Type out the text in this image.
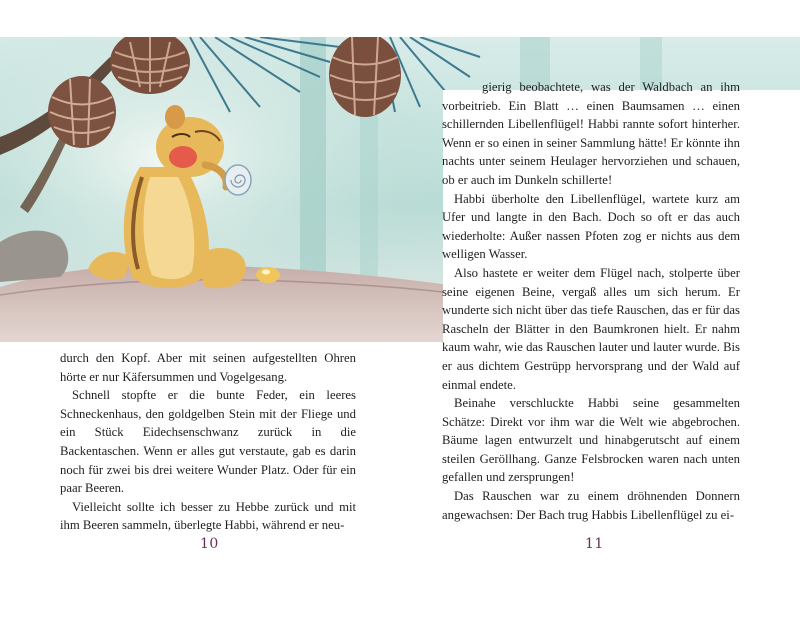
durch den Kopf. Aber mit seinen aufgestellten Ohren hörte er nur Käfersummen und Vogelgesang.

Schnell stopfte er die bunte Feder, ein leeres Schneckenhaus, den goldgelben Stein mit der Fliege und ein Stück Eidechsenschwanz zurück in die Backentaschen. Wenn er alles gut verstaute, gab es darin noch für zwei bis drei weitere Wunder Platz. Oder für ein paar Beeren.

Vielleicht sollte ich besser zu Hebbe zurück und mit ihm Beeren sammeln, überlegte Habbi, während er neu-

gierig beobachtete, was der Waldbach an ihm vorbeitrieb. Ein Blatt … einen Baumsamen … einen schillernden Libellenflügel! Habbi rannte sofort hinterher. Wenn er so einen in seiner Sammlung hätte! Er könnte ihn nachts unter seinem Heulager hervorziehen und schauen, ob er auch im Dunkeln schillerte!

Habbi überholte den Libellenflügel, wartete kurz am Ufer und langte in den Bach. Doch so oft er das auch wiederholte: Außer nassen Pfoten zog er nichts aus dem welligen Wasser.

Also hastete er weiter dem Flügel nach, stolperte über seine eigenen Beine, vergaß alles um sich herum. Er wunderte sich nicht über das tiefe Rauschen, das er für das Rascheln der Blätter in den Baumkronen hielt. Er nahm kaum wahr, wie das Rauschen lauter und lauter wurde. Bis er aus dichtem Gestrüpp hervorsprang und der Wald auf einmal endete.

Beinahe verschluckte Habbi seine gesammelten Schätze: Direkt vor ihm war die Welt wie abgebrochen. Bäume lagen entwurzelt und hinabgerutscht auf einem steilen Geröllhang. Ganze Felsbrocken waren nach unten gefallen und zersprungen!

Das Rauschen war zu einem dröhnenden Donnern angewachsen: Der Bach trug Habbis Libellenflügel zu ei-

10	11
